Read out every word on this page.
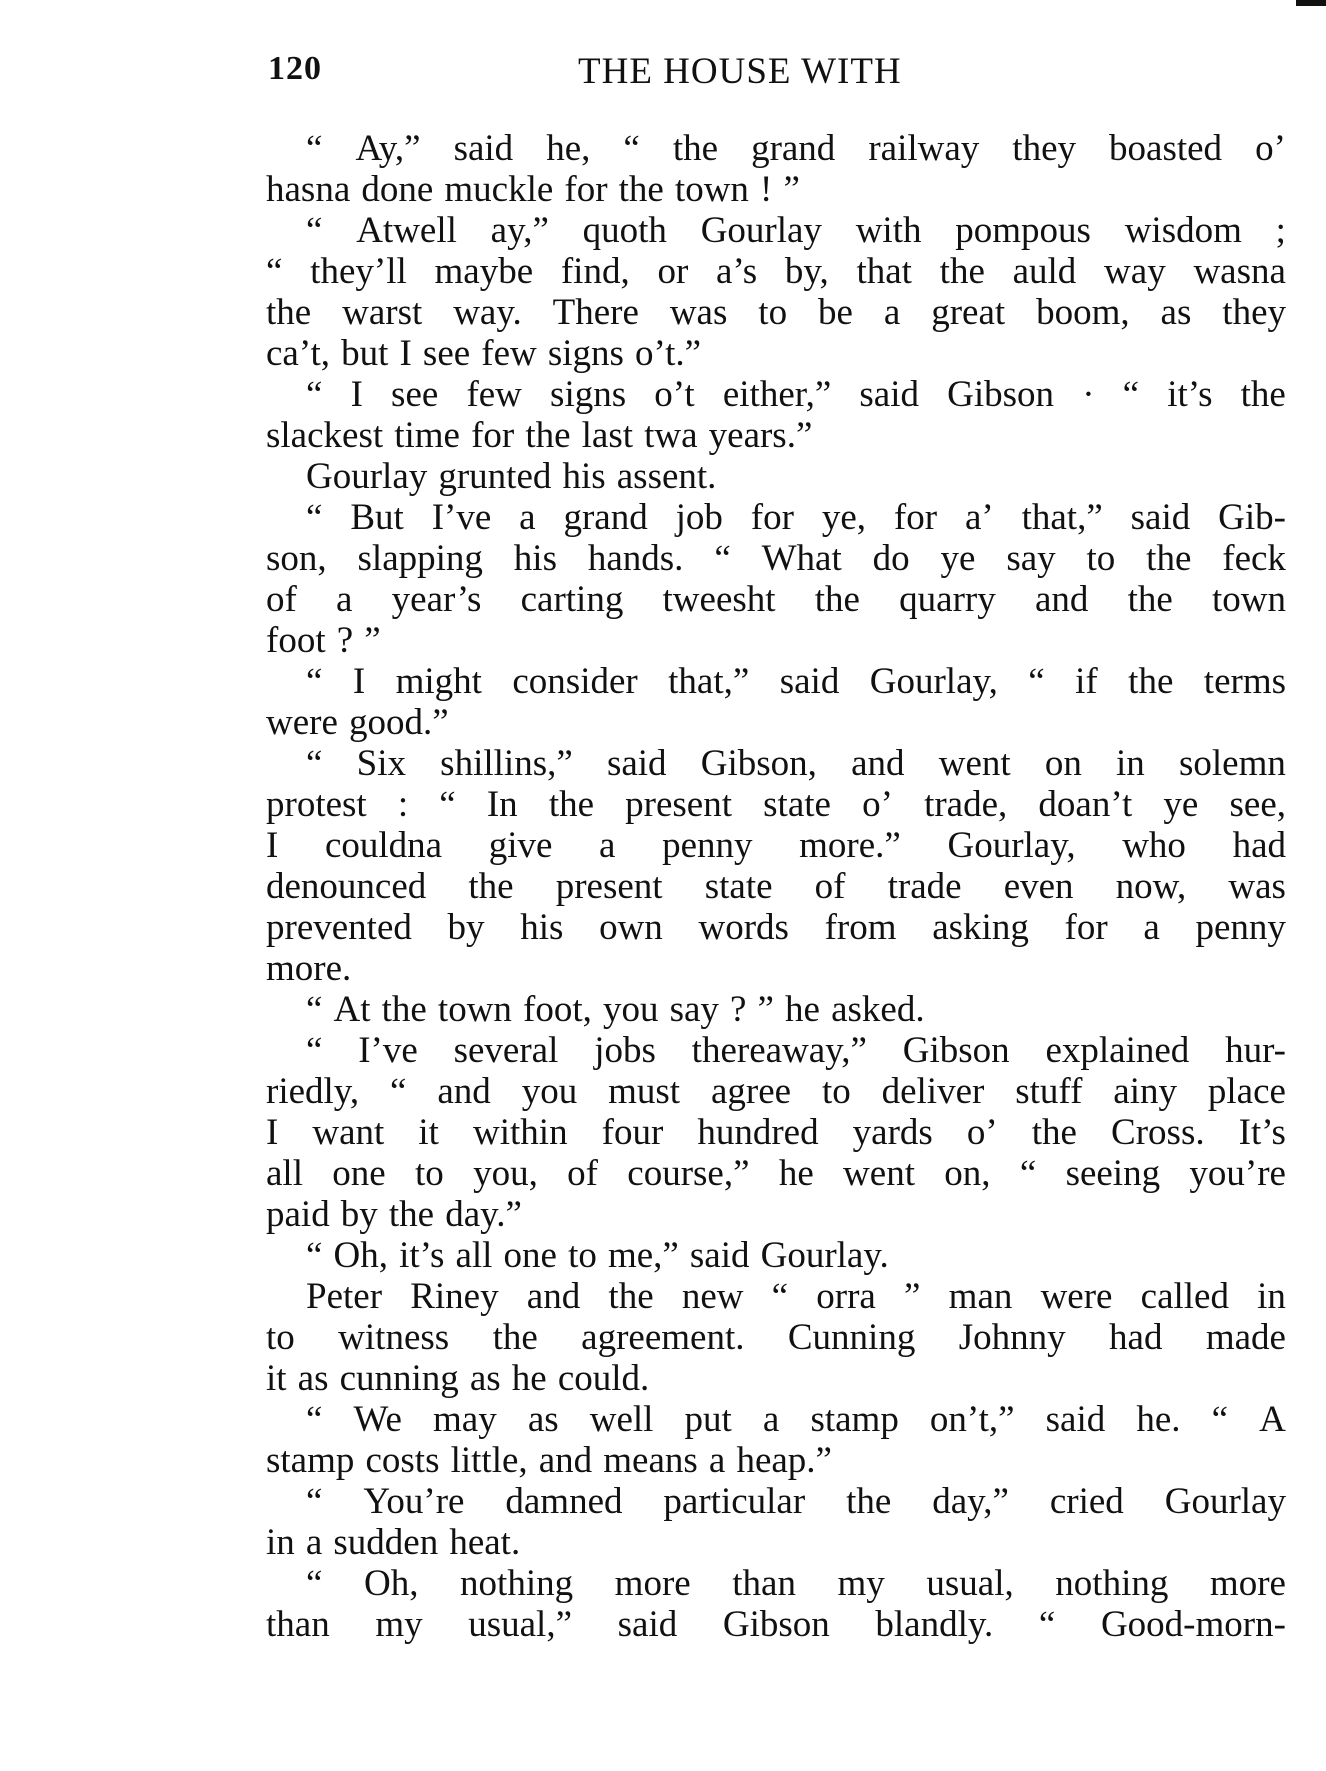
120	THE HOUSE WITH
“ Ay,” said he, “ the grand railway they boasted o’
hasna done muckle for the town ! ”
“ Atwell ay,” quoth Gourlay with pompous wisdom ;
“ they’ll maybe find, or a’s by, that the auld way wasna
the warst way. There was to be a great boom, as they
ca’t, but I see few signs o’t.”
“ I see few signs o’t either,” said Gibson · “ it’s the
slackest time for the last twa years.”
Gourlay grunted his assent.
“ But I’ve a grand job for ye, for a’ that,” said Gib-
son, slapping his hands. “ What do ye say to the feck
of a year’s carting tweesht the quarry and the town
foot ? ”
“ I might consider that,” said Gourlay, “ if the terms
were good.”
“ Six shillins,” said Gibson, and went on in solemn
protest : “ In the present state o’ trade, doan’t ye see,
I couldna give a penny more.” Gourlay, who had
denounced the present state of trade even now, was
prevented by his own words from asking for a penny
more.
“ At the town foot, you say ? ” he asked.
“ I’ve several jobs thereaway,” Gibson explained hur-
riedly, “ and you must agree to deliver stuff ainy place
I want it within four hundred yards o’ the Cross. It’s
all one to you, of course,” he went on, “ seeing you’re
paid by the day.”
“ Oh, it’s all one to me,” said Gourlay.
Peter Riney and the new “ orra ” man were called in
to witness the agreement. Cunning Johnny had made
it as cunning as he could.
“ We may as well put a stamp on’t,” said he. “ A
stamp costs little, and means a heap.”
“ You’re damned particular the day,” cried Gourlay
in a sudden heat.
“ Oh, nothing more than my usual, nothing more
than my usual,” said Gibson blandly. “ Good-morn-
